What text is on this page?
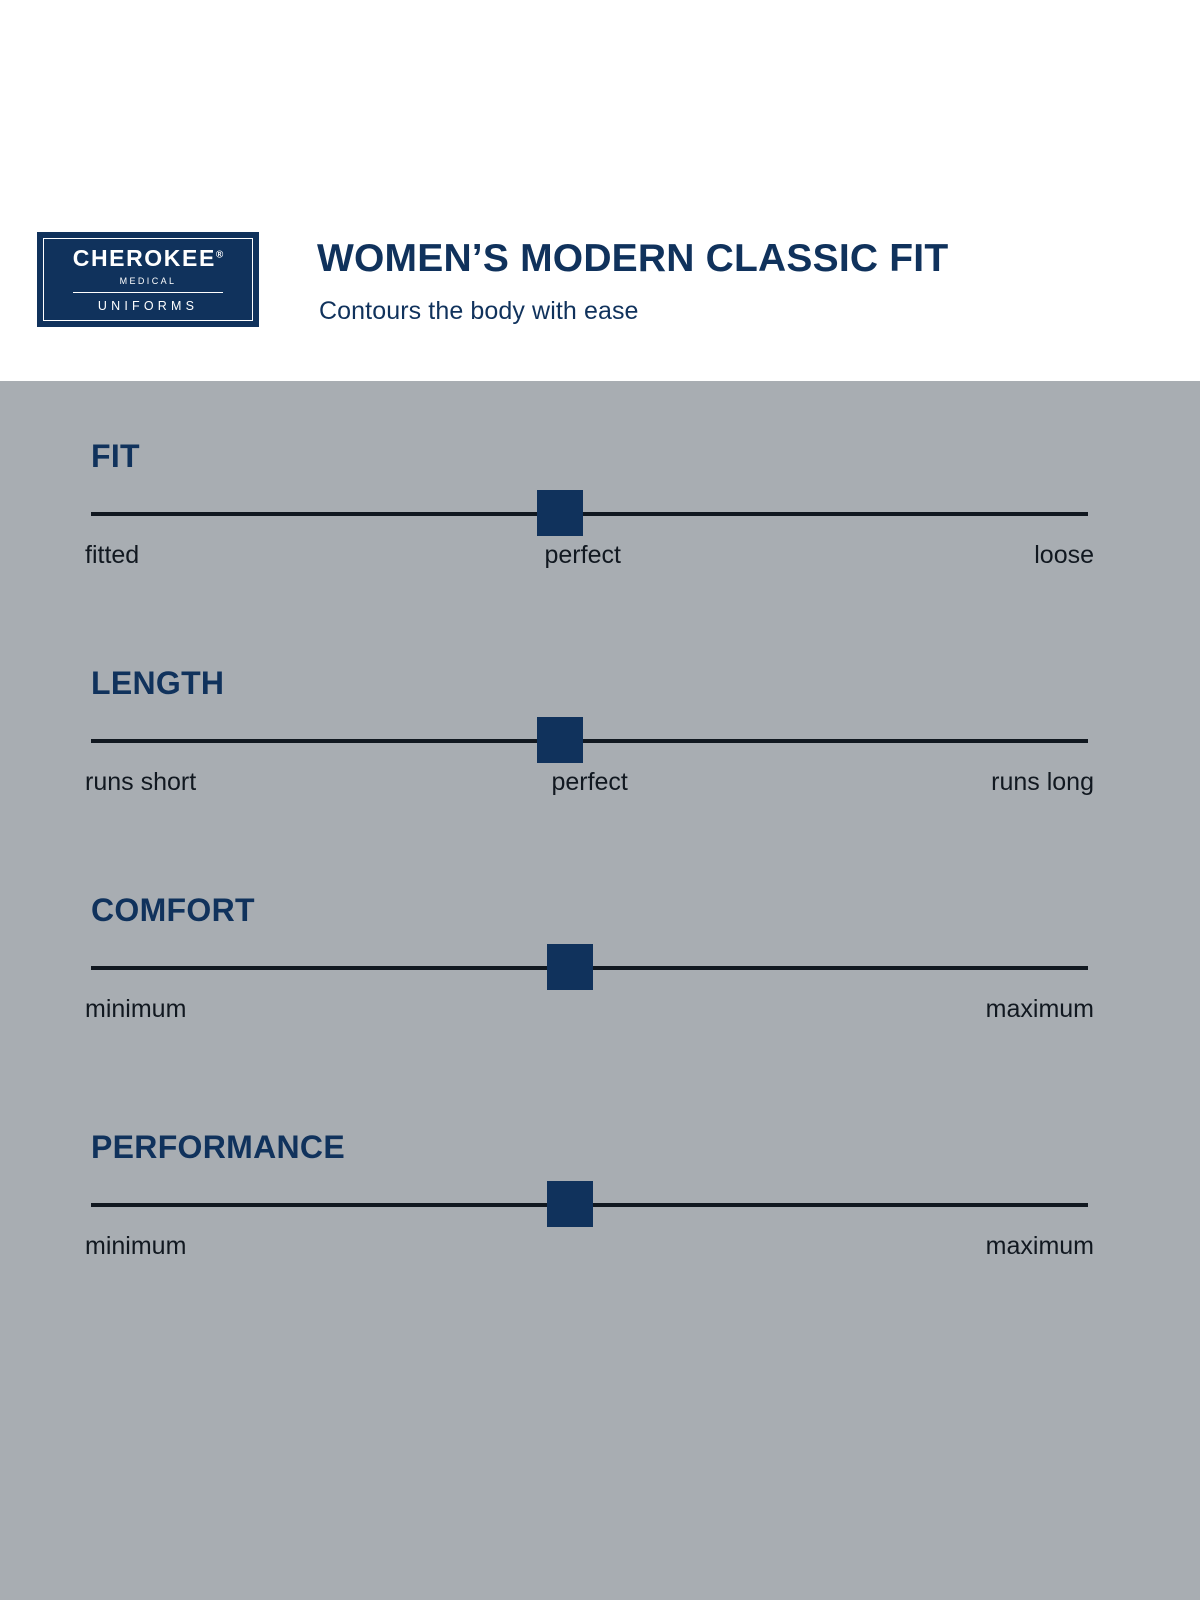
CHEROKEE®
MEDICAL
UNIFORMS
WOMEN’S MODERN CLASSIC FIT
Contours the body with ease
FIT
fitted	perfect	loose
LENGTH
runs short	perfect	runs long
COMFORT
minimum	maximum
PERFORMANCE
minimum	maximum
